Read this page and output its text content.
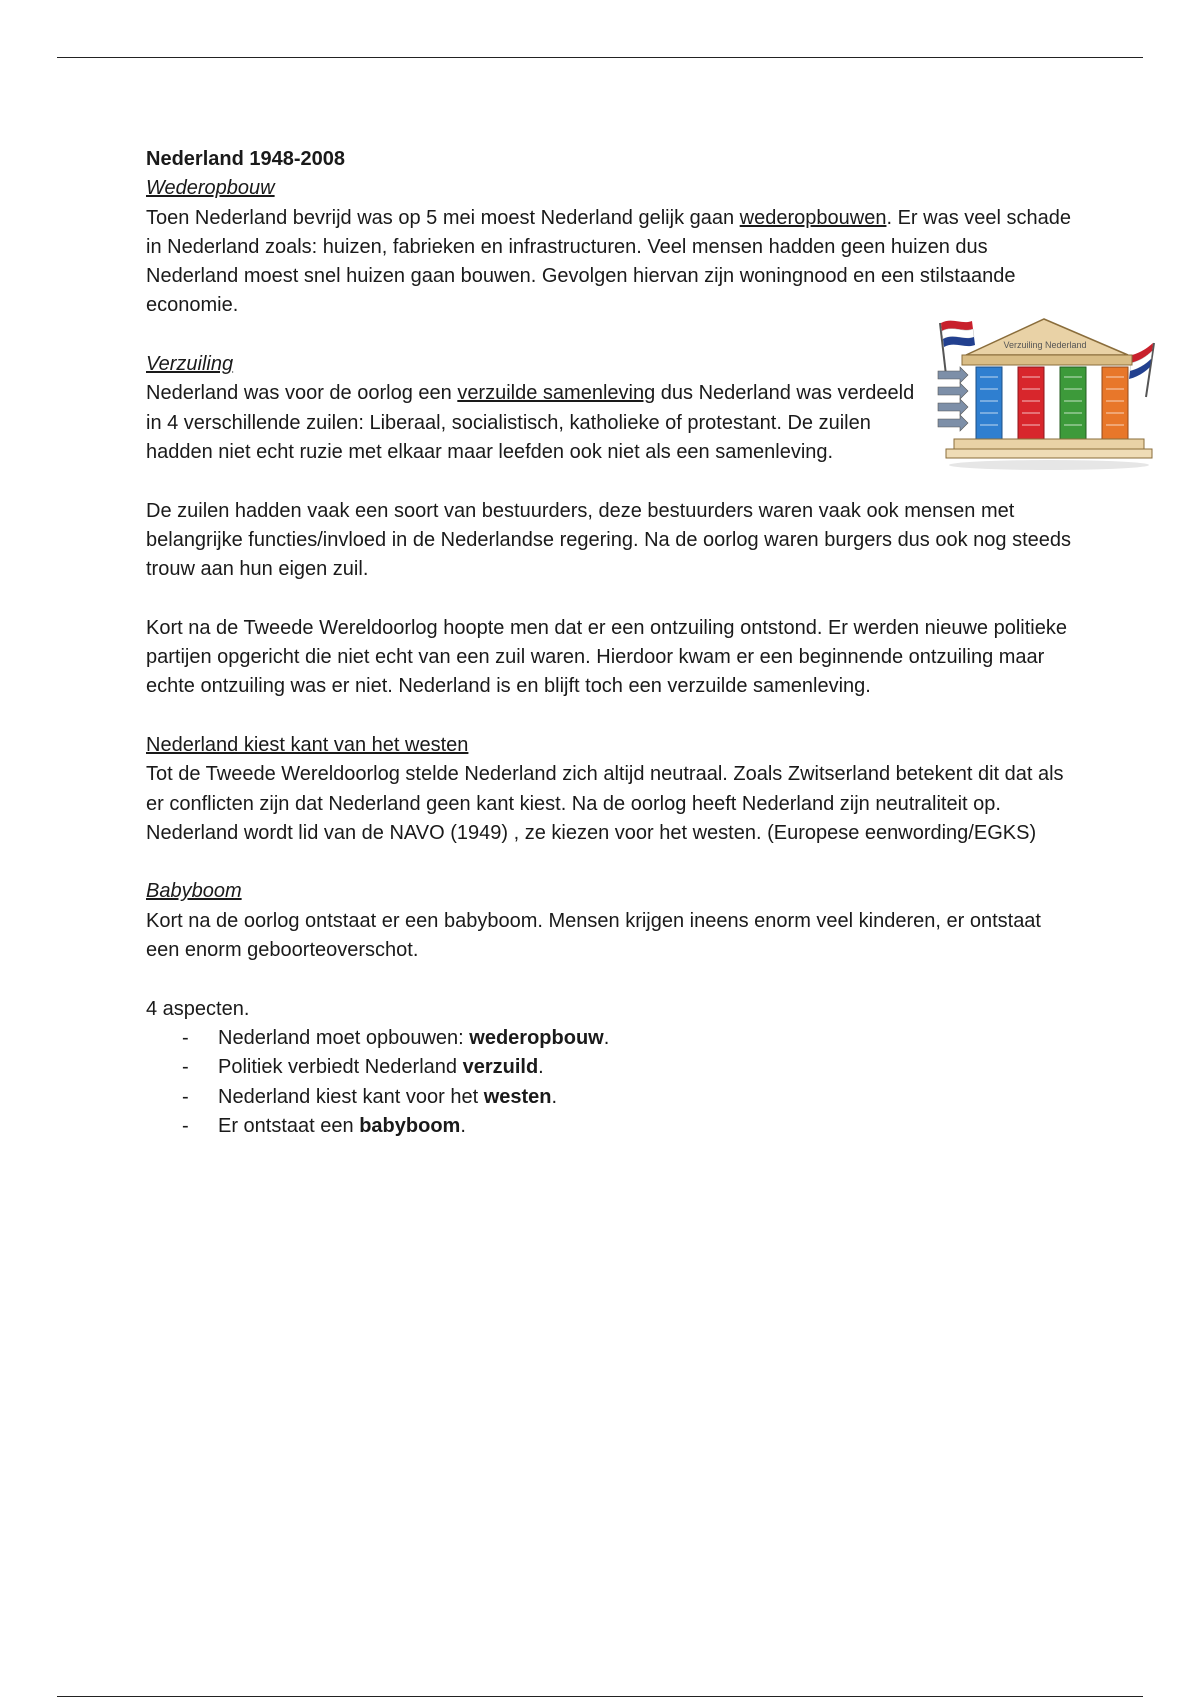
Nederland 1948-2008

Wederopbouw

Toen Nederland bevrijd was op 5 mei moest Nederland gelijk gaan wederopbouwen. Er was veel schade in Nederland zoals: huizen, fabrieken en infrastructuren. Veel mensen hadden geen huizen dus Nederland moest snel huizen gaan bouwen. Gevolgen hiervan zijn woningnood en een stilstaande economie.

Verzuiling

Nederland was voor de oorlog een verzuilde samenleving dus Nederland was verdeeld in 4 verschillende zuilen: Liberaal, socialistisch, katholieke of protestant. De zuilen hadden niet echt ruzie met elkaar maar leefden ook niet als een samenleving.

De zuilen hadden vaak een soort van bestuurders, deze bestuurders waren vaak ook mensen met belangrijke functies/invloed in de Nederlandse regering. Na de oorlog waren burgers dus ook nog steeds trouw aan hun eigen zuil.

Kort na de Tweede Wereldoorlog hoopte men dat er een ontzuiling ontstond. Er werden nieuwe politieke partijen opgericht die niet echt van een zuil waren. Hierdoor kwam er een beginnende ontzuiling maar echte ontzuiling was er niet. Nederland is en blijft toch een verzuilde samenleving.

Nederland kiest kant van het westen

Tot de Tweede Wereldoorlog stelde Nederland zich altijd neutraal. Zoals Zwitserland betekent dit dat als er conflicten zijn dat Nederland geen kant kiest. Na de oorlog heeft Nederland zijn neutraliteit op. Nederland wordt lid van de NAVO (1949) , ze kiezen voor het westen. (Europese eenwording/EGKS)

Babyboom

Kort na de oorlog ontstaat er een babyboom. Mensen krijgen ineens enorm veel kinderen, er ontstaat een enorm geboorteoverschot.

4 aspecten.

- Nederland moet opbouwen: wederopbouw.
- Politiek verbiedt Nederland verzuild.
- Nederland kiest kant voor het westen.
- Er ontstaat een babyboom.
Verzuiling Nederland
